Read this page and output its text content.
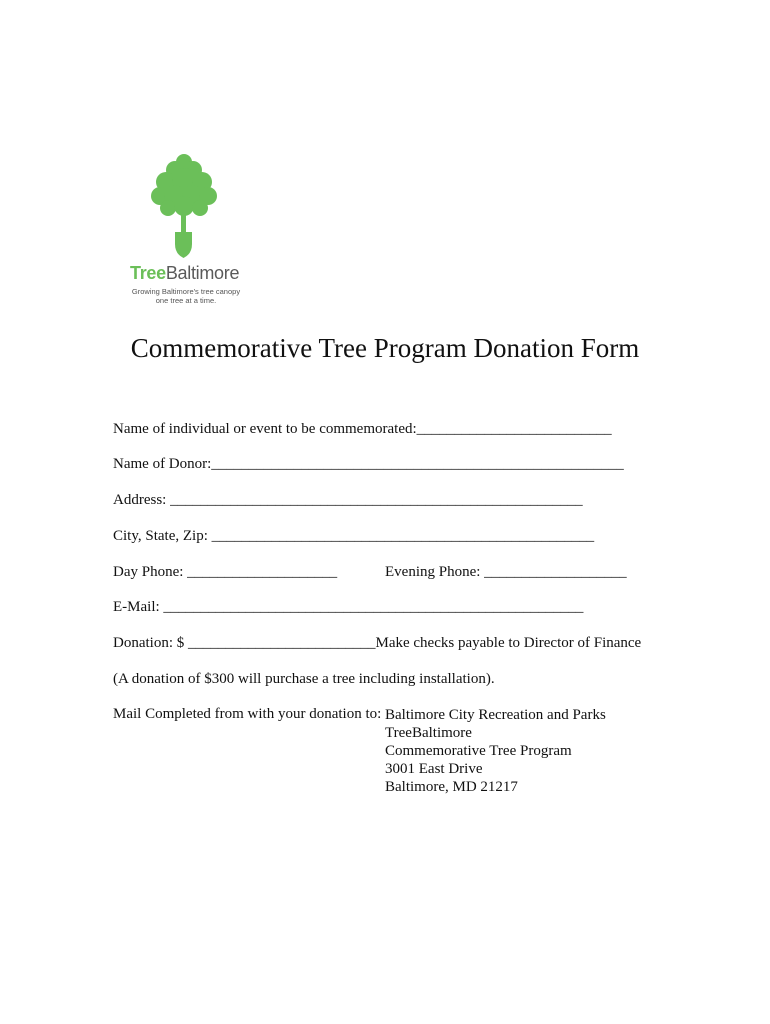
TreeBaltimore
Growing Baltimore's tree canopy
one tree at a time.
Commemorative Tree Program Donation Form
Name of individual or event to be commemorated:__________________________
Name of Donor:_______________________________________________________
Address: _______________________________________________________
City, State, Zip: ___________________________________________________
Day Phone: ____________________	Evening Phone: ___________________
E-Mail: ________________________________________________________
Donation: $ _________________________Make checks payable to Director of Finance
(A donation of $300 will purchase a tree including installation).
Mail Completed from with your donation to: Baltimore City Recreation and Parks
TreeBaltimore
Commemorative Tree Program
3001 East Drive
Baltimore, MD 21217
